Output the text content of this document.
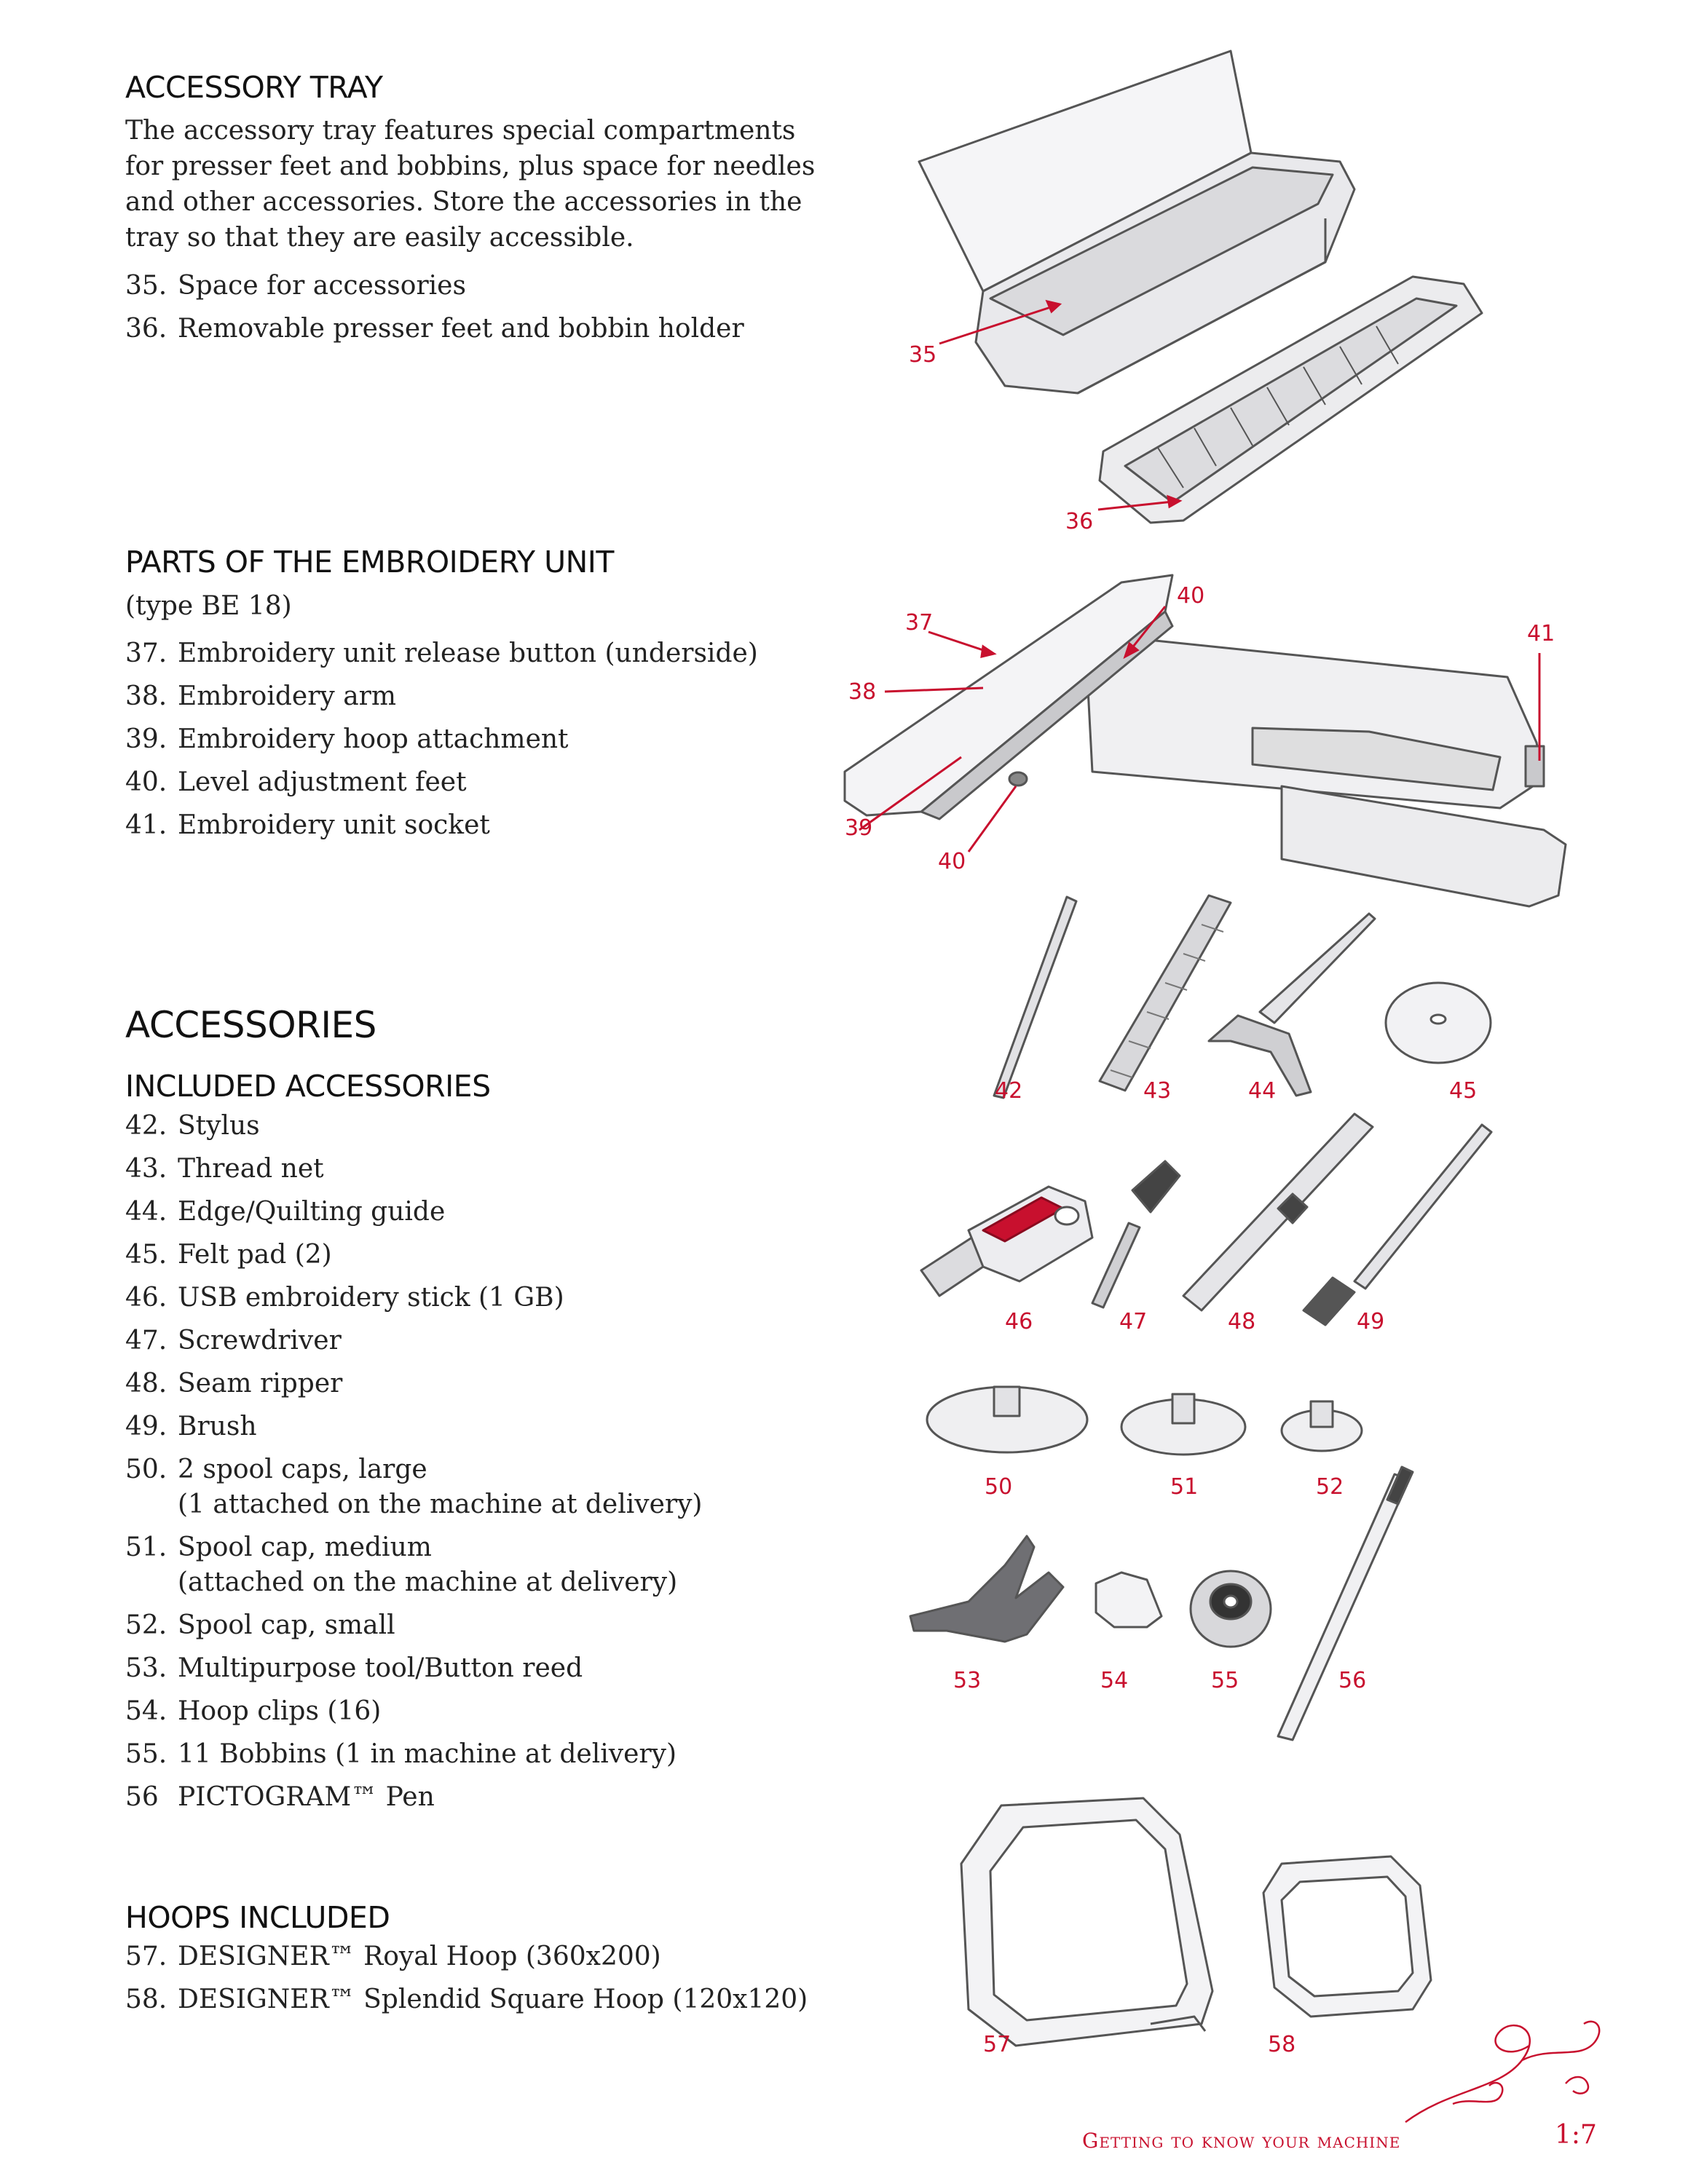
ACCESSORY TRAY
The accessory tray features special compartments for presser feet and bobbins, plus space for needles and other accessories. Store the accessories in the tray so that they are easily accessible.
35. Space for accessories
36. Removable presser feet and bobbin holder
PARTS OF THE EMBROIDERY UNIT
(type BE 18)
37. Embroidery unit release button (underside)
38. Embroidery arm
39. Embroidery hoop attachment
40. Level adjustment feet
41. Embroidery unit socket
ACCESSORIES
INCLUDED ACCESSORIES
42. Stylus
43. Thread net
44. Edge/Quilting guide
45. Felt pad (2)
46. USB embroidery stick (1 GB)
47. Screwdriver
48. Seam ripper
49. Brush
50. 2 spool caps, large
(1 attached on the machine at delivery)
51. Spool cap, medium
(attached on the machine at delivery)
52. Spool cap, small
53. Multipurpose tool/Button reed
54. Hoop clips (16)
55. 11 Bobbins (1 in machine at delivery)
56 PICTOGRAM™ Pen
HOOPS INCLUDED
57. DESIGNER™ Royal Hoop (360x200)
58. DESIGNER™ Splendid Square Hoop (120x120)
35
36
37
38
39
40
40
41
42	43	44	45
46	47	48	49
50	51	52
53	54	55	56
57	58
Getting to know your machine	1:7
